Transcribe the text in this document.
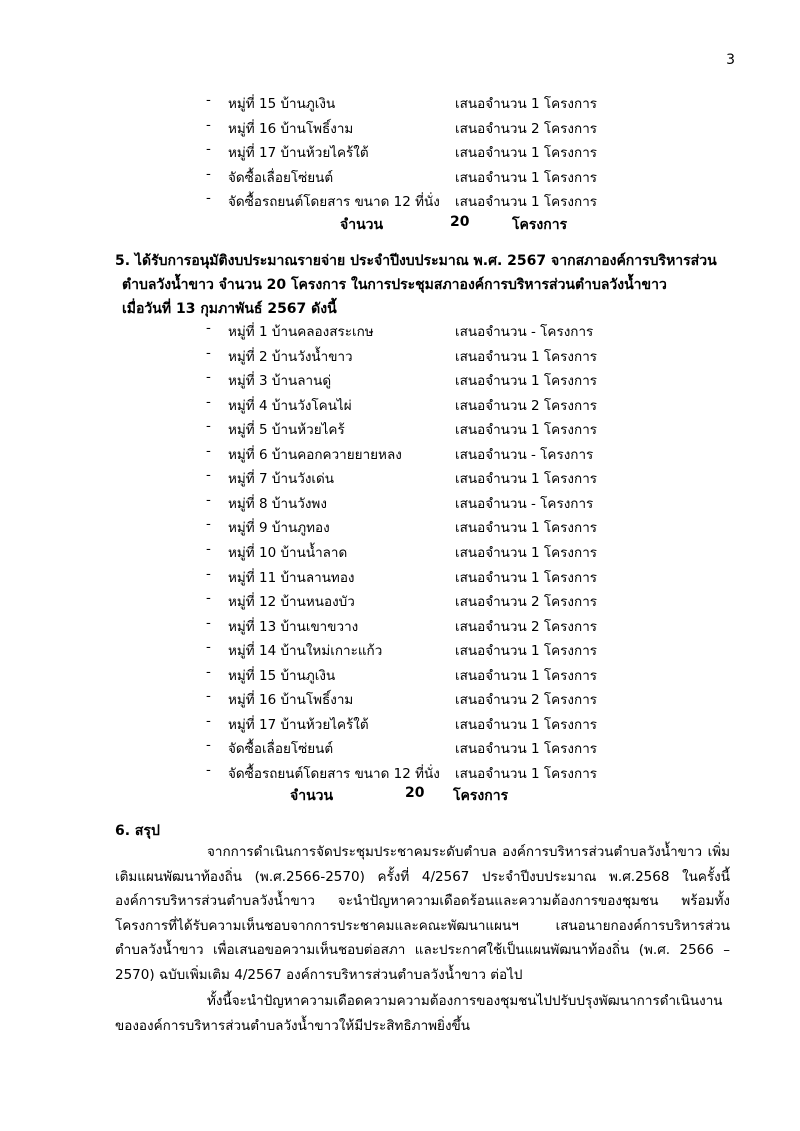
3
- หมู่ที่ 15 บ้านภูเงิน	เสนอจำนวน 1 โครงการ
- หมู่ที่ 16 บ้านโพธิ์งาม	เสนอจำนวน 2 โครงการ
- หมู่ที่ 17 บ้านห้วยไคร้ใต้	เสนอจำนวน 1 โครงการ
- จัดซื้อเลื่อยโซ่ยนต์	เสนอจำนวน 1 โครงการ
- จัดซื้อรถยนต์โดยสาร ขนาด 12 ที่นั่ง เสนอจำนวน 1 โครงการ
จำนวน	20	โครงการ
5. ได้รับการอนุมัติงบประมาณรายจ่าย ประจำปีงบประมาณ พ.ศ. 2567 จากสภาองค์การบริหารส่วน
ตำบลวังน้ำขาว จำนวน 20 โครงการ ในการประชุมสภาองค์การบริหารส่วนตำบลวังน้ำขาว
เมื่อวันที่ 13 กุมภาพันธ์ 2567 ดังนี้
- หมู่ที่ 1 บ้านคลองสระเกษ	เสนอจำนวน - โครงการ
- หมู่ที่ 2 บ้านวังน้ำขาว	เสนอจำนวน 1 โครงการ
- หมู่ที่ 3 บ้านลานดู่	เสนอจำนวน 1 โครงการ
- หมู่ที่ 4 บ้านวังโคนไผ่	เสนอจำนวน 2 โครงการ
- หมู่ที่ 5 บ้านห้วยไคร้	เสนอจำนวน 1 โครงการ
- หมู่ที่ 6 บ้านคอกควายยายหลง	เสนอจำนวน - โครงการ
- หมู่ที่ 7 บ้านวังเด่น	เสนอจำนวน 1 โครงการ
- หมู่ที่ 8 บ้านวังพง	เสนอจำนวน - โครงการ
- หมู่ที่ 9 บ้านภูทอง	เสนอจำนวน 1 โครงการ
- หมู่ที่ 10 บ้านน้ำลาด	เสนอจำนวน 1 โครงการ
- หมู่ที่ 11 บ้านลานทอง	เสนอจำนวน 1 โครงการ
- หมู่ที่ 12 บ้านหนองบัว	เสนอจำนวน 2 โครงการ
- หมู่ที่ 13 บ้านเขาขวาง	เสนอจำนวน 2 โครงการ
- หมู่ที่ 14 บ้านใหม่เกาะแก้ว	เสนอจำนวน 1 โครงการ
- หมู่ที่ 15 บ้านภูเงิน	เสนอจำนวน 1 โครงการ
- หมู่ที่ 16 บ้านโพธิ์งาม	เสนอจำนวน 2 โครงการ
- หมู่ที่ 17 บ้านห้วยไคร้ใต้	เสนอจำนวน 1 โครงการ
- จัดซื้อเลื่อยโซ่ยนต์	เสนอจำนวน 1 โครงการ
- จัดซื้อรถยนต์โดยสาร ขนาด 12 ที่นั่ง เสนอจำนวน 1 โครงการ
จำนวน	20 โครงการ
6. สรุป
จากการดำเนินการจัดประชุมประชาคมระดับตำบล องค์การบริหารส่วนตำบลวังน้ำขาว เพิ่มเติมแผนพัฒนาท้องถิ่น (พ.ศ.2566-2570) ครั้งที่ 4/2567 ประจำปีงบประมาณ พ.ศ.2568 ในครั้งนี้ องค์การบริหารส่วนตำบลวังน้ำขาว จะนำปัญหาความเดือดร้อนและความต้องการของชุมชน พร้อมทั้งโครงการที่ได้รับความเห็นชอบจากการประชาคมและคณะพัฒนาแผนฯ เสนอนายกองค์การบริหารส่วนตำบลวังน้ำขาว เพื่อเสนอขอความเห็นชอบต่อสภา และประกาศใช้เป็นแผนพัฒนาท้องถิ่น (พ.ศ. 2566 – 2570) ฉบับเพิ่มเติม 4/2567 องค์การบริหารส่วนตำบลวังน้ำขาว ต่อไป
ทั้งนี้จะนำปัญหาความเดือดความความต้องการของชุมชนไปปรับปรุงพัฒนาการดำเนินงานขององค์การบริหารส่วนตำบลวังน้ำขาวให้มีประสิทธิภาพยิ่งขึ้น
